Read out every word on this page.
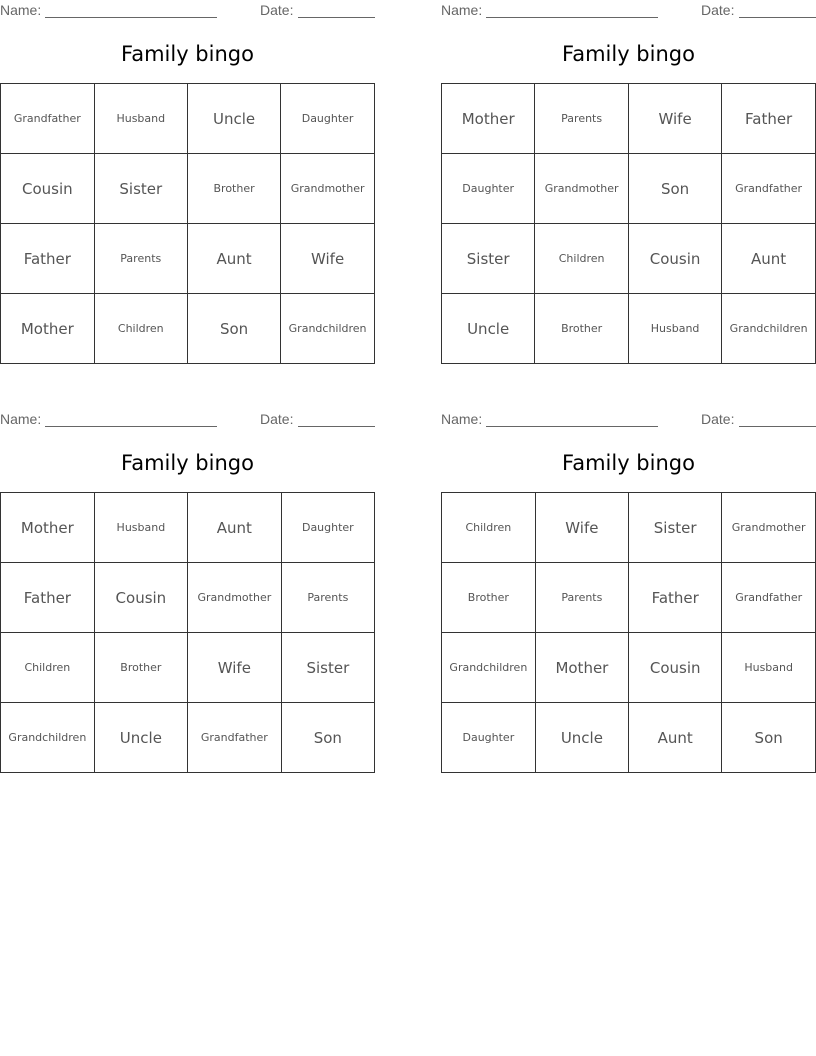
Name:	Date:
Family bingo
Grandfather	Husband	Uncle	Daughter
Cousin	Sister	Brother	Grandmother
Father	Parents	Aunt	Wife
Mother	Children	Son	Grandchildren
Name:	Date:
Family bingo
Mother	Parents	Wife	Father
Daughter	Grandmother	Son	Grandfather
Sister	Children	Cousin	Aunt
Uncle	Brother	Husband	Grandchildren
Name:	Date:
Family bingo
Mother	Husband	Aunt	Daughter
Father	Cousin	Grandmother	Parents
Children	Brother	Wife	Sister
Grandchildren	Uncle	Grandfather	Son
Name:	Date:
Family bingo
Children	Wife	Sister	Grandmother
Brother	Parents	Father	Grandfather
Grandchildren	Mother	Cousin	Husband
Daughter	Uncle	Aunt	Son
